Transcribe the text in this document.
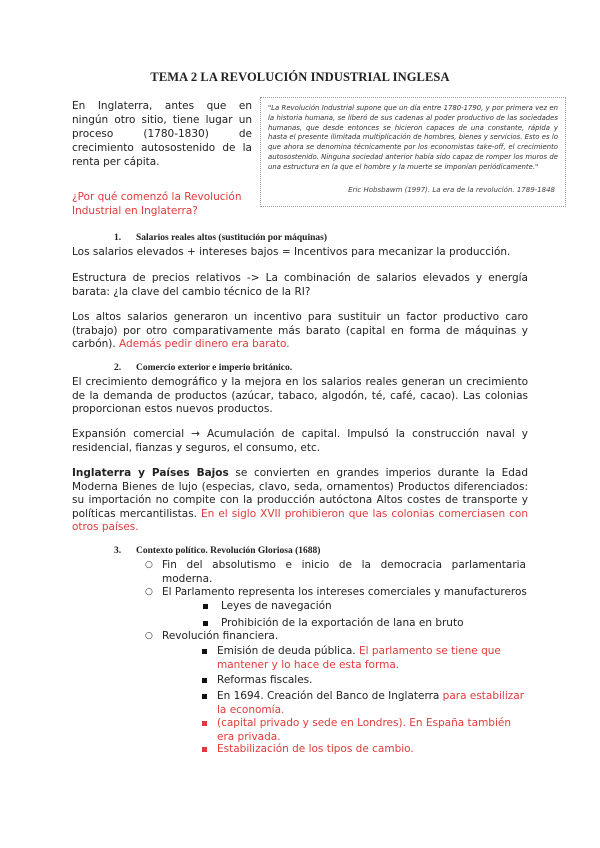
TEMA 2 LA REVOLUCIÓN INDUSTRIAL INGLESA
En Inglaterra, antes que en ningún otro sitio, tiene lugar un proceso (1780-1830) de crecimiento autosostenido de la renta per cápita.
"La Revolución Industrial supone que un día entre 1780-1790, y por primera vez en la historia humana, se liberó de sus cadenas al poder productivo de las sociedades humanas, que desde entonces se hicieron capaces de una constante, rápida y hasta el presente ilimitada multiplicación de hombres, bienes y servicios. Esto es lo que ahora se denomina técnicamente por los economistas take-off, el crecimiento autosostenido. Ninguna sociedad anterior había sido capaz de romper los muros de una estructura en la que el hombre y la muerte se imponían periódicamente."
Eric Hobsbawm (1997). La era de la revolución. 1789-1848
¿Por qué comenzó la Revolución Industrial en Inglaterra?
1. Salarios reales altos (sustitución por máquinas)
Los salarios elevados + intereses bajos = Incentivos para mecanizar la producción.
Estructura de precios relativos -> La combinación de salarios elevados y energía barata: ¿la clave del cambio técnico de la RI?
Los altos salarios generaron un incentivo para sustituir un factor productivo caro (trabajo) por otro comparativamente más barato (capital en forma de máquinas y carbón). Además pedir dinero era barato.
2. Comercio exterior e imperio británico.
El crecimiento demográfico y la mejora en los salarios reales generan un crecimiento de la demanda de productos (azúcar, tabaco, algodón, té, café, cacao). Las colonias proporcionan estos nuevos productos.
Expansión comercial → Acumulación de capital. Impulsó la construcción naval y residencial, fianzas y seguros, el consumo, etc.
Inglaterra y Países Bajos se convierten en grandes imperios durante la Edad Moderna Bienes de lujo (especias, clavo, seda, ornamentos) Productos diferenciados: su importación no compite con la producción autóctona Altos costes de transporte y políticas mercantilistas. En el siglo XVII prohibieron que las colonias comerciasen con otros países.
3. Contexto político. Revolución Gloriosa (1688)
○ Fin del absolutismo e inicio de la democracia parlamentaria moderna.
○ El Parlamento representa los intereses comerciales y manufactureros
Leyes de navegación
Prohibición de la exportación de lana en bruto
○ Revolución financiera.
Emisión de deuda pública. El parlamento se tiene que mantener y lo hace de esta forma.
Reformas fiscales.
En 1694. Creación del Banco de Inglaterra para estabilizar la economía.
(capital privado y sede en Londres). En España también era privada.
Estabilización de los tipos de cambio.
